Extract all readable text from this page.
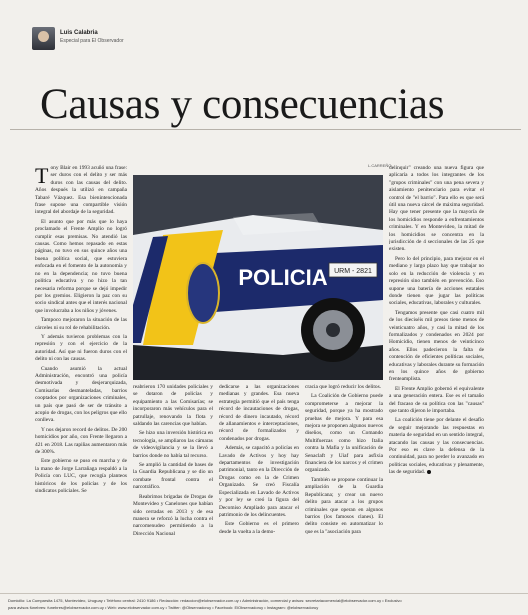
Luis Calabria
Especial para El Observador
Causas y consecuencias
L.CARREÑO
URM - 2821
POLICIA

Tony Blair en 1993 acuñó una frase: ser duros con el delito y ser más duros con las causas del delito. Años después la utilizó en campaña Tabaré Vázquez. Esa bienintencionada frase supone una compartible visión integral del abordaje de la seguridad.

El asunto que por más que lo haya proclamado el Frente Amplio no logró cumplir esas premisas. No atendió las causas. Como hemos repasado en estas páginas, no tuvo en sus quince años una buena política social, que estuviera enfocada en el fomento de la autonomía y no en la dependencia; no tuvo buena política educativa y no hizo la tan necesaria reforma porque se dejó impedir por los gremios. Eligieron la paz con su socio sindical antes que el interés nacional que involucraba a los niños y jóvenes.

Tampoco mejoraron la situación de las cárceles ni su rol de rehabilitación.

Y además tuvieron problemas con la represión y con el ejercicio de la autoridad. Así que ni fueron duros con el delito ni con las causas.

Cuando asumió la actual Administración, encontró una policía desmotivada y desjerarquizada, Comisarías desmanteladas, barrios cooptados por organizaciones criminales, un país que pasó de ser de tránsito a acopio de drogas, con los peligros que ello conlleva.

Y nos dejaron record de delitos. De 200 homicidios por año, con Frente llegaron a 421 en 2018. Las rapiñas aumentaron más de 300%.

Este gobierno se puso en marcha y de la mano de Jorge Larrañaga respaldó a la Policía con LUC, que recogía planteos históricos de los policías y de los sindicatos policiales. Se

reabrieron 170 unidades policiales y se dotaron de policías y equipamiento a las Comisarías; se incorporaron más vehículos para el patrullaje, renovando la flota y saldando las carencias que habían.

Se hizo una inversión histórica en tecnología, se ampliaron las cámaras de videovigilancia y se la llevó a barrios donde no había tal recurso.

Se amplió la cantidad de bases de la Guardia Republicana y se dio un combate frontal contra el narcotráfico.

Reabrimos brigadas de Drogas de Montevideo y Canelones que habían sido cerradas en 2013 y de esa manera se reforzó la lucha contra el narcomenudeo permitiendo a la Dirección Nacional

dedicarse a las organizaciones medianas y grandes. Esa nueva estrategia permitió que el país tenga récord de incautaciones de drogas, récord de dinero incautado, récord de allanamientos e interceptaciones, récord de formalizados y condenados por drogas.

Además, se capacitó a policías en Lavado de Activos y hoy hay departamentos de investigación patrimonial, tanto en la Dirección de Drogas como en la de Crimen Organizado. Se creó Fiscalía Especializada en Lavado de Activos y por ley se creó la figura del Decomiso Ampliado para atacar el patrimonio de los delincuentes.

Este Gobierno es el primero desde la vuelta a la demo-

cracia que logró reducir los delitos.

La Coalición de Gobierno puede comprometerse a mejorar la seguridad, porque ya ha mostrado pruebas de mejora. Y para esa mejora se proponen algunos nuevos diseños, como un Comando Multifuerzas como hizo Italia contra la Mafia y la unificación de Senaclaft y Uiaf para asfixia financiera de los narcos y el crimen organizado.

También se propone continuar la ampliación de la Guardia Republicana; y crear un nuevo delito para atacar a los grupos criminales que operan en algunos barrios (los famosos clanes). El delito consiste en automatizar lo que es la "asociación para

delinquir" creando una nueva figura que aplicaría a todos los integrantes de los "grupos criminales" con una pena severa y aislamiento penitenciario para evitar el control de "el barrio". Para ello es que será útil una nueva cárcel de máxima seguridad. Hay que tener presente que la mayoría de los homicidios responde a enfrentamientos criminales. Y en Montevideo, la mitad de los homicidios se concentra en la jurisdicción de 4 seccionales de las 25 que existen.

Pero lo del principio, para mejorar en el mediano y largo plazo hay que trabajar no solo en la reducción de violencia y en represión sino también en prevención. Eso supone una batería de acciones estatales donde tienen que jugar las políticas sociales, educativas, laborales y culturales.

Tengamos presente que casi cuatro mil de los dieciséis mil presos tiene menos de veinticuatro años, y casi la mitad de los formalizados y condenados en 2024 por Homicidio, tienen menos de veinticinco años. Ellos padecieron la falta de contención de eficientes políticas sociales, educativas y laborales durante su formación en los quince años de gobierno frenteamplista.

El Frente Amplio gobernó el equivalente a una generación entera. Ese es el tamaño del fracaso de su política con las "causas" que tanto dijeron le importaba.

La coalición tiene por delante el desafío de seguir mejorando las respuestas en materia de seguridad en un sentido integral, atacando las causas y las consecuencias. Por eso es clave la defensa de la continuidad, para no perder lo avanzado en políticas sociales, educativas y plenamente, las de seguridad.

Domicilio: La Cumparsita 1475, Montevideo, Uruguay • Teléfono central: 2410 9186 • Redacción: redaccion@elobservador.com.uy • Administración, comercial y avisos: secretariacomercial@elobservador.com.uy • Exclusivo
para avisos fúnebres: funebres@elobservador.com.uy • Web: www.elobservador.com.uy • Twitter: @Observadoruy • Facebook: ElObservadoruy • Instagram: @elobservadoruy
